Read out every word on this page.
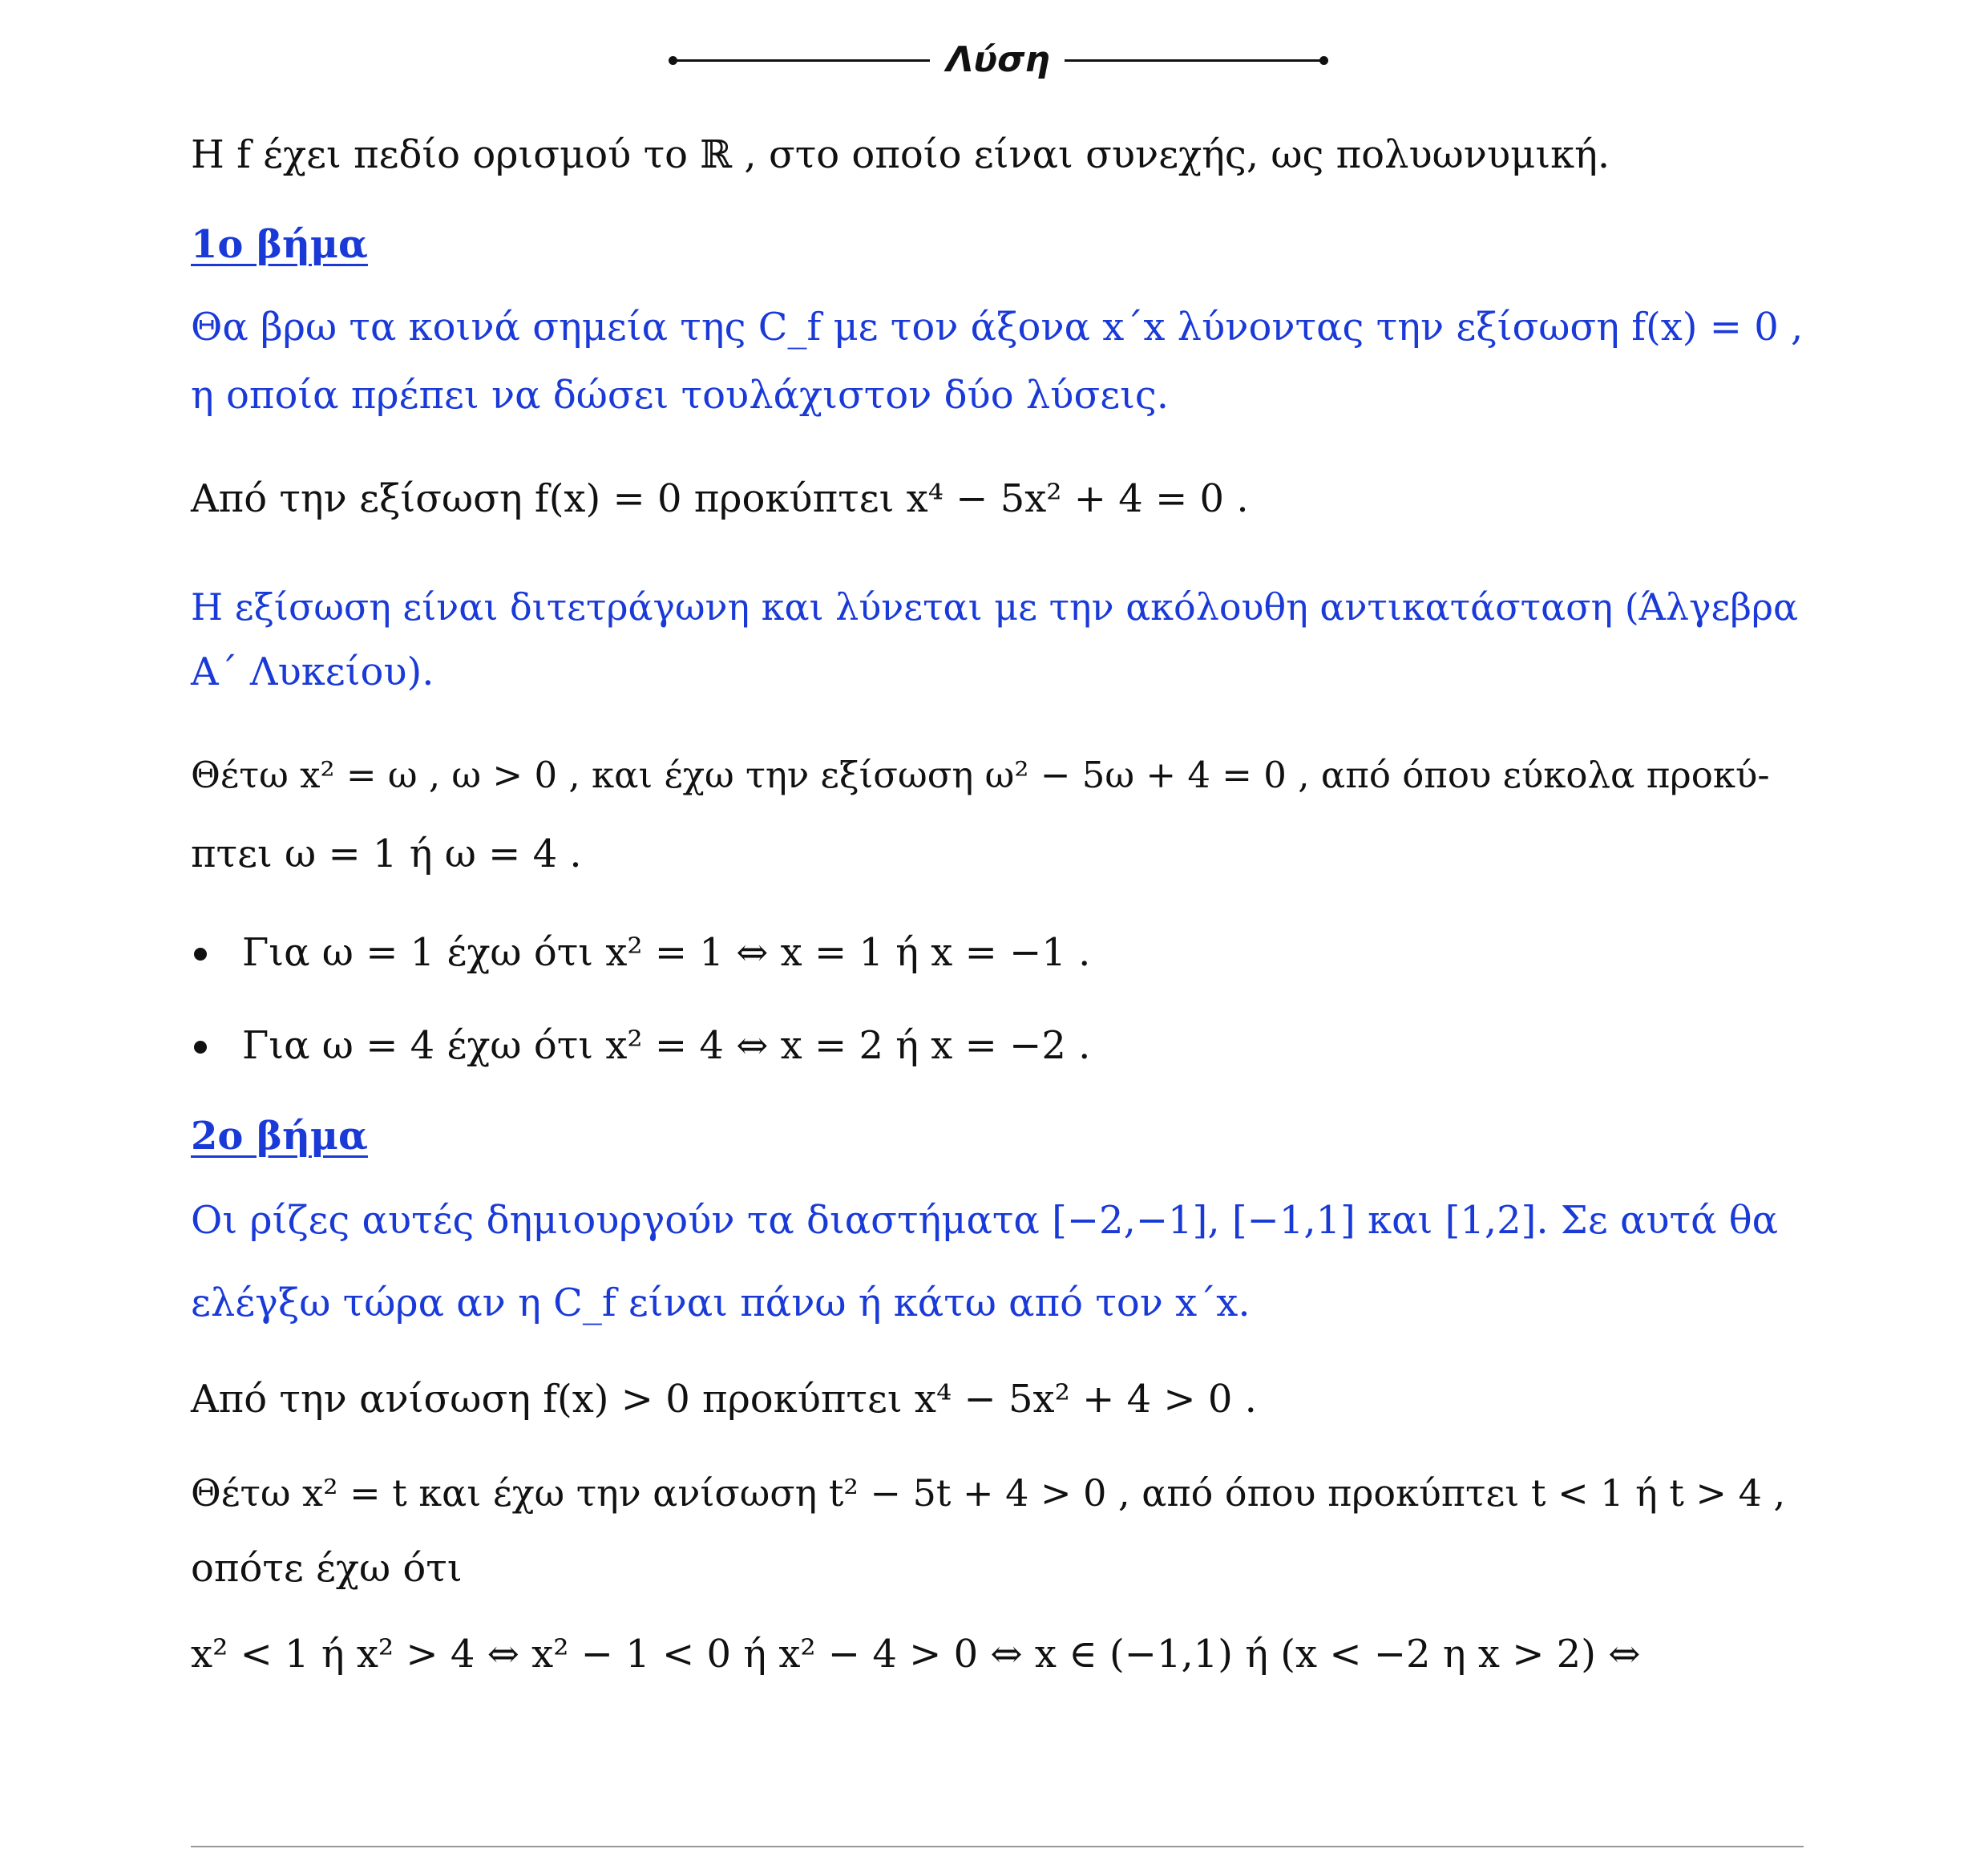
Λύση
Η f έχει πεδίο ορισμού το ℝ , στο οποίο είναι συνεχής, ως πολυωνυμική.
1ο βήμα
Θα βρω τα κοινά σημεία της C_f με τον άξονα x΄x λύνοντας την εξίσωση f(x) = 0 ,
η οποία πρέπει να δώσει τουλάχιστον δύο λύσεις.
Από την εξίσωση f(x) = 0 προκύπτει x⁴ − 5x² + 4 = 0 .
Η εξίσωση είναι διτετράγωνη και λύνεται με την ακόλουθη αντικατάσταση (Άλγεβρα
Α΄ Λυκείου).
Θέτω x² = ω , ω > 0 , και έχω την εξίσωση ω² − 5ω + 4 = 0 , από όπου εύκολα προκύ-
πτει ω = 1 ή ω = 4 .
Για ω = 1 έχω ότι x² = 1 ⇔ x = 1 ή x = −1 .
Για ω = 4 έχω ότι x² = 4 ⇔ x = 2 ή x = −2 .
2ο βήμα
Οι ρίζες αυτές δημιουργούν τα διαστήματα [−2,−1], [−1,1] και [1,2]. Σε αυτά θα
ελέγξω τώρα αν η C_f είναι πάνω ή κάτω από τον x΄x.
Από την ανίσωση f(x) > 0 προκύπτει x⁴ − 5x² + 4 > 0 .
Θέτω x² = t και έχω την ανίσωση t² − 5t + 4 > 0 , από όπου προκύπτει t < 1 ή t > 4 ,
οπότε έχω ότι
x² < 1 ή x² > 4 ⇔ x² − 1 < 0 ή x² − 4 > 0 ⇔ x ∈ (−1,1) ή (x < −2 η x > 2) ⇔
